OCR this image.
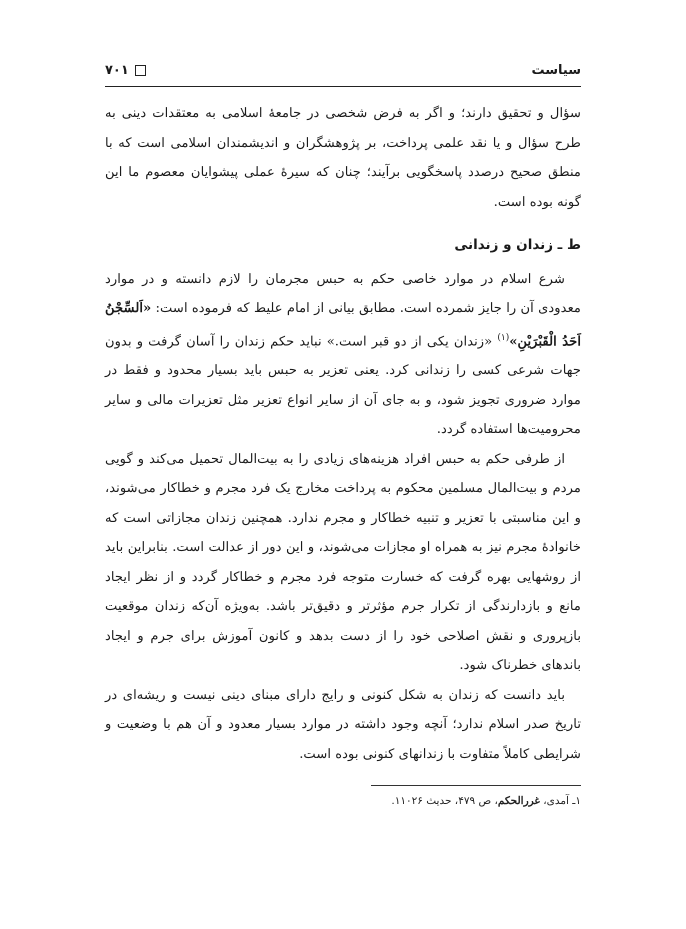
سیاست
۷۰۱

سؤال و تحقیق دارند؛ و اگر به فرض شخصی در جامعهٔ اسلامی به معتقدات دینی به طرح سؤال و یا نقد علمی پرداخت، بر پژوهشگران و اندیشمندان اسلامی است که با منطق صحیح درصدد پاسخگویی برآیند؛ چنان که سیرهٔ عملی پیشوایان معصوم ما این گونه بوده است.

ط ـ زندان و زندانی

شرع اسلام در موارد خاصی حکم به حبس مجرمان را لازم دانسته و در موارد معدودی آن را جایز شمرده است. مطابق بیانی از امام علیط که فرموده است: «اَلسِّجْنُ اَحَدُ الْقَبْرَیْنِ»$^{(۱)}$ «زندان یکی از دو قبر است.» نباید حکم زندان را آسان گرفت و بدون جهات شرعی کسی را زندانی کرد. یعنی تعزیر به حبس باید بسیار محدود و فقط در موارد ضروری تجویز شود، و به جای آن از سایر انواع تعزیر مثل تعزیرات مالی و سایر محرومیت‌ها استفاده گردد.

از طرفی حکم به حبس افراد هزینه‌های زیادی را به بیت‌المال تحمیل می‌کند و گویی مردم و بیت‌المال مسلمین محکوم به پرداخت مخارج یک فرد مجرم و خطاکار می‌شوند، و این مناسبتی با تعزیر و تنبیه خطاکار و مجرم ندارد. همچنین زندان مجازاتی است که خانوادهٔ مجرم نیز به همراه او مجازات می‌شوند، و این دور از عدالت است. بنابراین باید از روشهایی بهره گرفت که خسارت متوجه فرد مجرم و خطاکار گردد و از نظر ایجاد مانع و بازدارندگی از تکرار جرم مؤثرتر و دقیق‌تر باشد. به‌ویژه آن‌که زندان موقعیت بازپروری و نقش اصلاحی خود را از دست بدهد و کانون آموزش برای جرم و ایجاد باندهای خطرناک شود.

باید دانست که زندان به شکل کنونی و رایج دارای مبنای دینی نیست و ریشه‌ای در تاریخ صدر اسلام ندارد؛ آنچه وجود داشته در موارد بسیار معدود و آن هم با وضعیت و شرایطی کاملاً متفاوت با زندانهای کنونی بوده است.

۱ـ آمدی، غررالحکم، ص ۴۷۹، حدیث ۱۱۰۲۶.
